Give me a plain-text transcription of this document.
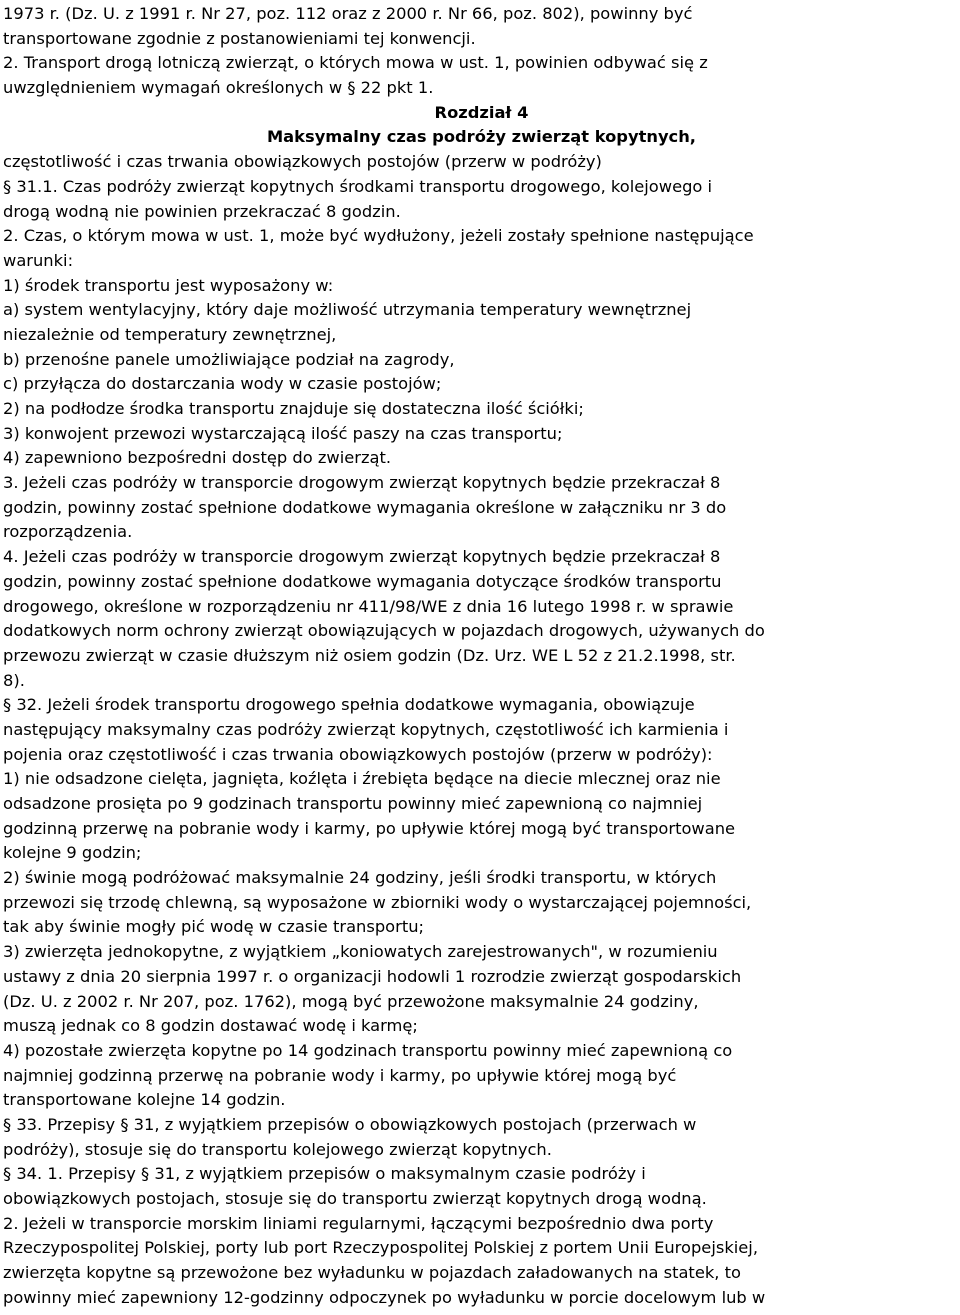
1973 r. (Dz. U. z 1991 r. Nr 27, poz. 112 oraz z 2000 r. Nr 66, poz. 802), powinny być
transportowane zgodnie z postanowieniami tej konwencji.
2. Transport drogą lotniczą zwierząt, o których mowa w ust. 1, powinien odbywać się z
uwzględnieniem wymagań określonych w § 22 pkt 1.
Rozdział 4
Maksymalny czas podróży zwierząt kopytnych,
częstotliwość i czas trwania obowiązkowych postojów (przerw w podróży)
§ 31.1. Czas podróży zwierząt kopytnych środkami transportu drogowego, kolejowego i
drogą wodną nie powinien przekraczać 8 godzin.
2. Czas, o którym mowa w ust. 1, może być wydłużony, jeżeli zostały spełnione następujące
warunki:
1) środek transportu jest wyposażony w:
a) system wentylacyjny, który daje możliwość utrzymania temperatury wewnętrznej
niezależnie od temperatury zewnętrznej,
b) przenośne panele umożliwiające podział na zagrody,
c) przyłącza do dostarczania wody w czasie postojów;
2) na podłodze środka transportu znajduje się dostateczna ilość ściółki;
3) konwojent przewozi wystarczającą ilość paszy na czas transportu;
4) zapewniono bezpośredni dostęp do zwierząt.
3. Jeżeli czas podróży w transporcie drogowym zwierząt kopytnych będzie przekraczał 8
godzin, powinny zostać spełnione dodatkowe wymagania określone w załączniku nr 3 do
rozporządzenia.
4. Jeżeli czas podróży w transporcie drogowym zwierząt kopytnych będzie przekraczał 8
godzin, powinny zostać spełnione dodatkowe wymagania dotyczące środków transportu
drogowego, określone w rozporządzeniu nr 411/98/WE z dnia 16 lutego 1998 r. w sprawie
dodatkowych norm ochrony zwierząt obowiązujących w pojazdach drogowych, używanych do
przewozu zwierząt w czasie dłuższym niż osiem godzin (Dz. Urz. WE L 52 z 21.2.1998, str.
8).
§ 32. Jeżeli środek transportu drogowego spełnia dodatkowe wymagania, obowiązuje
następujący maksymalny czas podróży zwierząt kopytnych, częstotliwość ich karmienia i
pojenia oraz częstotliwość i czas trwania obowiązkowych postojów (przerw w podróży):
1) nie odsadzone cielęta, jagnięta, koźlęta i źrebięta będące na diecie mlecznej oraz nie
odsadzone prosięta po 9 godzinach transportu powinny mieć zapewnioną co najmniej
godzinną przerwę na pobranie wody i karmy, po upływie której mogą być transportowane
kolejne 9 godzin;
2) świnie mogą podróżować maksymalnie 24 godziny, jeśli środki transportu, w których
przewozi się trzodę chlewną, są wyposażone w zbiorniki wody o wystarczającej pojemności,
tak aby świnie mogły pić wodę w czasie transportu;
3) zwierzęta jednokopytne, z wyjątkiem „koniowatych zarejestrowanych", w rozumieniu
ustawy z dnia 20 sierpnia 1997 r. o organizacji hodowli 1 rozrodzie zwierząt gospodarskich
(Dz. U. z 2002 r. Nr 207, poz. 1762), mogą być przewożone maksymalnie 24 godziny,
muszą jednak co 8 godzin dostawać wodę i karmę;
4) pozostałe zwierzęta kopytne po 14 godzinach transportu powinny mieć zapewnioną co
najmniej godzinną przerwę na pobranie wody i karmy, po upływie której mogą być
transportowane kolejne 14 godzin.
§ 33. Przepisy § 31, z wyjątkiem przepisów o obowiązkowych postojach (przerwach w
podróży), stosuje się do transportu kolejowego zwierząt kopytnych.
§ 34. 1. Przepisy § 31, z wyjątkiem przepisów o maksymalnym czasie podróży i
obowiązkowych postojach, stosuje się do transportu zwierząt kopytnych drogą wodną.
2. Jeżeli w transporcie morskim liniami regularnymi, łączącymi bezpośrednio dwa porty
Rzeczypospolitej Polskiej, porty lub port Rzeczypospolitej Polskiej z portem Unii Europejskiej,
zwierzęta kopytne są przewożone bez wyładunku w pojazdach załadowanych na statek, to
powinny mieć zapewniony 12-godzinny odpoczynek po wyładunku w porcie docelowym lub w
